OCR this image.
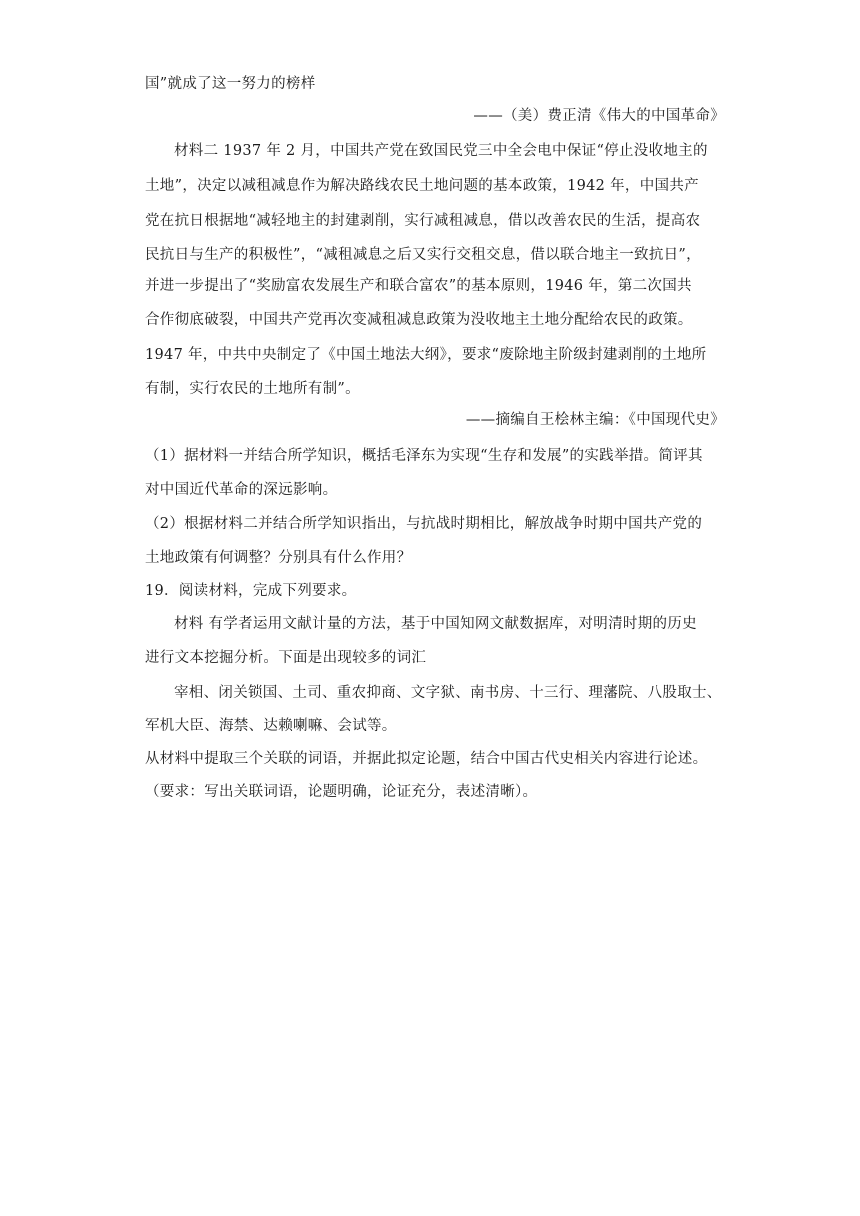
国”就成了这一努力的榜样
——（美）费正清《伟大的中国革命》
材料二 1937 年 2 月，中国共产党在致国民党三中全会电中保证“停止没收地主的
土地”，决定以减租减息作为解决路线农民土地问题的基本政策，1942 年，中国共产
党在抗日根据地“减轻地主的封建剥削，实行减租减息，借以改善农民的生活，提高农
民抗日与生产的积极性”，“减租减息之后又实行交租交息，借以联合地主一致抗日”，
并进一步提出了“奖励富农发展生产和联合富农”的基本原则，1946 年，第二次国共
合作彻底破裂，中国共产党再次变减租减息政策为没收地主土地分配给农民的政策。
1947 年，中共中央制定了《中国土地法大纲》，要求“废除地主阶级封建剥削的土地所
有制，实行农民的土地所有制”。
——摘编自王桧林主编：《中国现代史》
（1）据材料一并结合所学知识，概括毛泽东为实现“生存和发展”的实践举措。简评其
对中国近代革命的深远影响。
（2）根据材料二并结合所学知识指出，与抗战时期相比，解放战争时期中国共产党的
土地政策有何调整？分别具有什么作用？
19．阅读材料，完成下列要求。
材料 有学者运用文献计量的方法，基于中国知网文献数据库，对明清时期的历史
进行文本挖掘分析。下面是出现较多的词汇
宰相、闭关锁国、土司、重农抑商、文字狱、南书房、十三行、理藩院、八股取士、
军机大臣、海禁、达赖喇嘛、会试等。
从材料中提取三个关联的词语，并据此拟定论题，结合中国古代史相关内容进行论述。
（要求：写出关联词语，论题明确，论证充分，表述清晰）。
